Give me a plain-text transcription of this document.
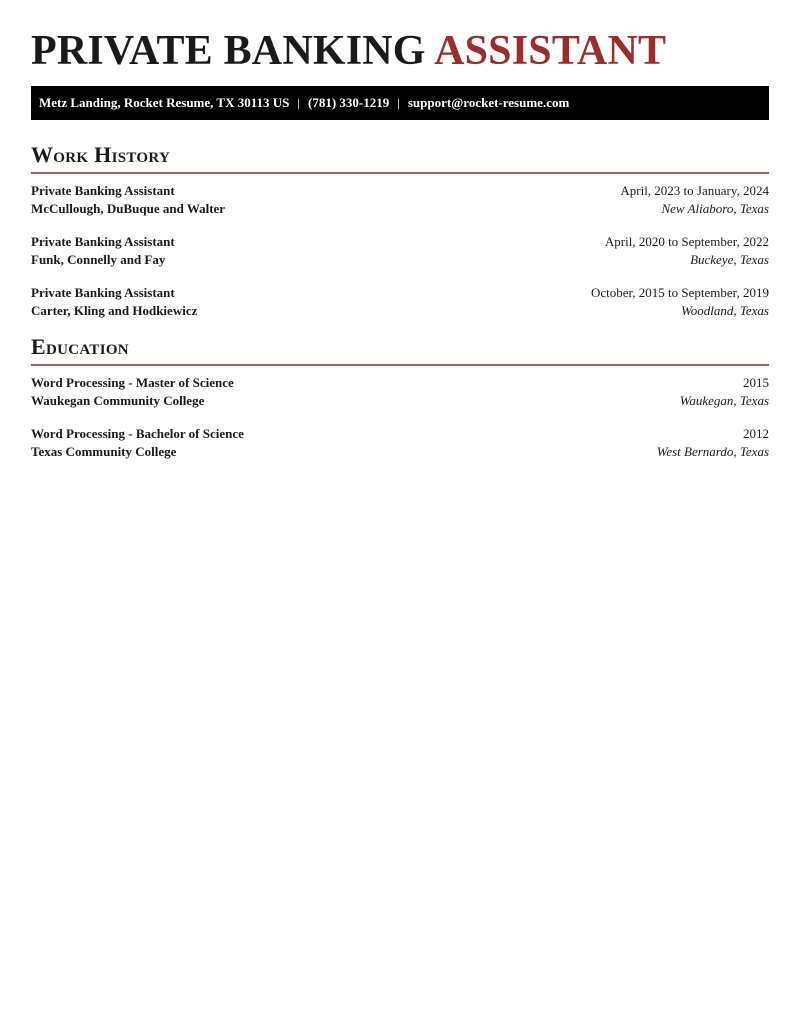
PRIVATE BANKING ASSISTANT
Metz Landing, Rocket Resume, TX 30113 US | (781) 330-1219 | support@rocket-resume.com
Work History
Private Banking Assistant	April, 2023 to January, 2024
McCullough, DuBuque and Walter	New Aliaboro, Texas
Private Banking Assistant	April, 2020 to September, 2022
Funk, Connelly and Fay	Buckeye, Texas
Private Banking Assistant	October, 2015 to September, 2019
Carter, Kling and Hodkiewicz	Woodland, Texas
Education
Word Processing - Master of Science	2015
Waukegan Community College	Waukegan, Texas
Word Processing - Bachelor of Science	2012
Texas Community College	West Bernardo, Texas
